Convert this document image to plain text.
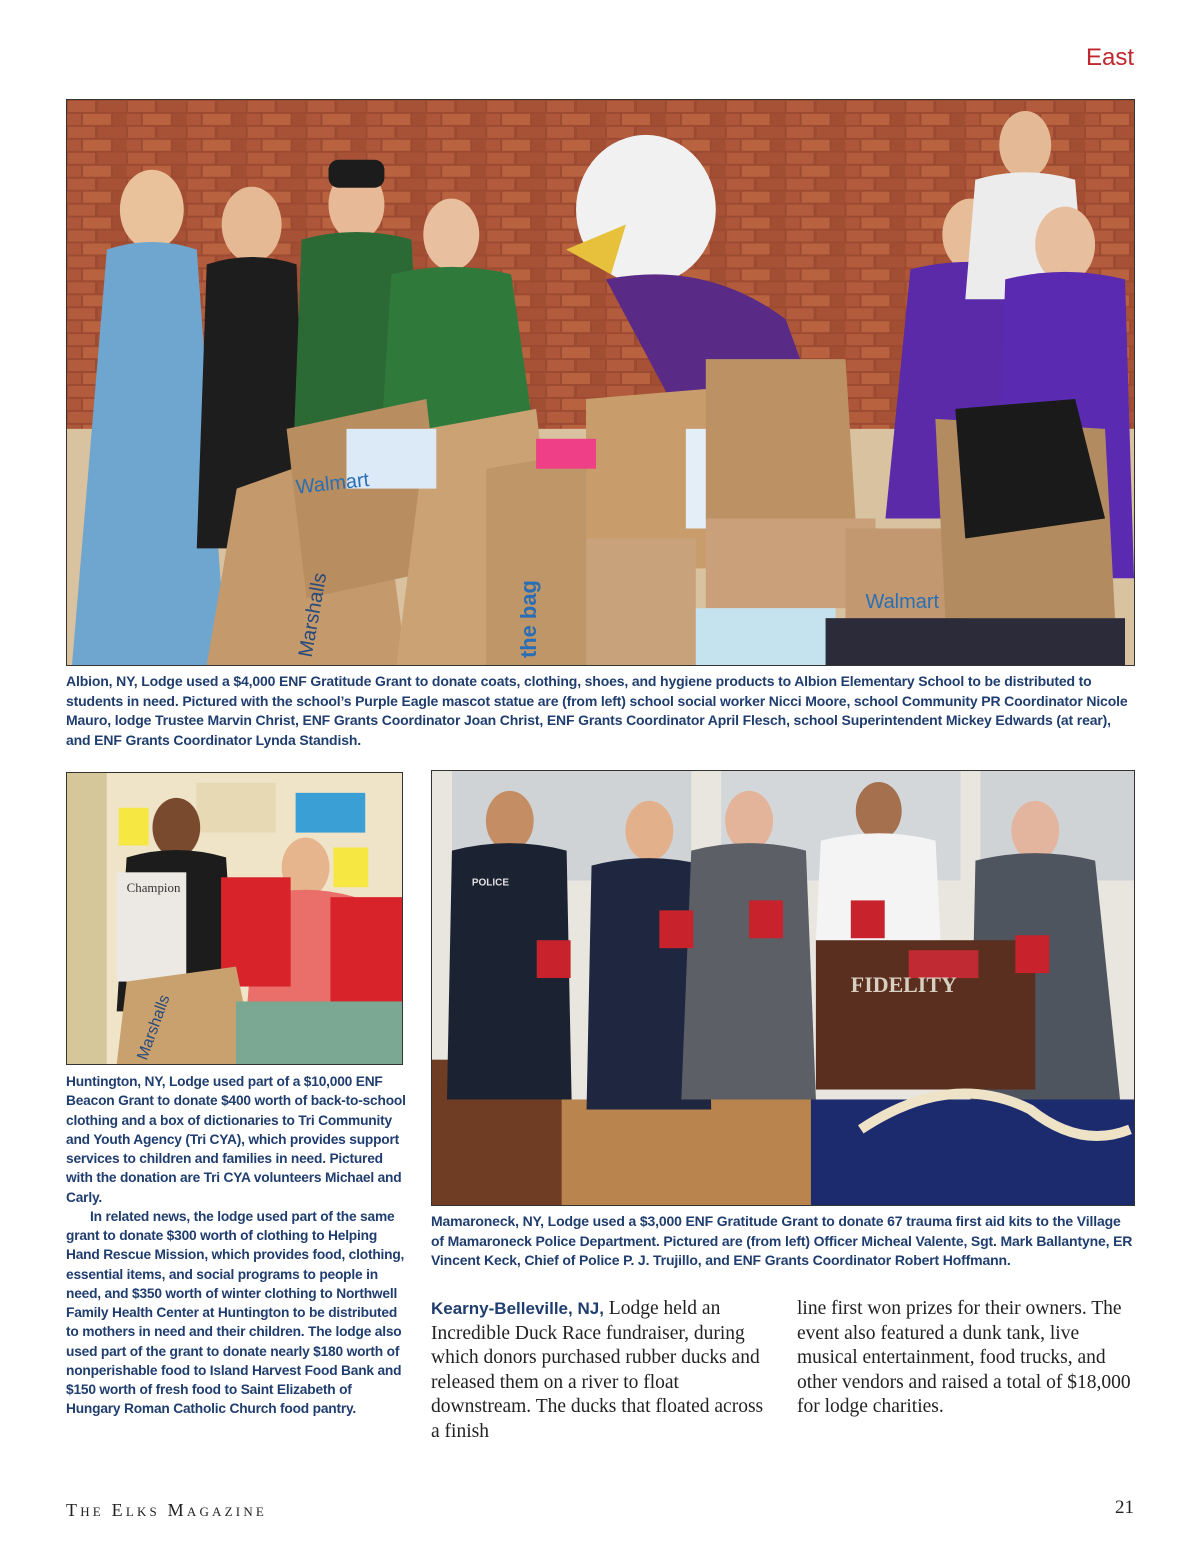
East
Walmart
Walmart
Marshalls	the bag
Albion, NY, Lodge used a $4,000 ENF Gratitude Grant to donate coats, clothing, shoes, and hygiene products to Albion Elementary School to be distributed to students in need. Pictured with the school’s Purple Eagle mascot statue are (from left) school social worker Nicci Moore, school Community PR Coordinator Nicole Mauro, lodge Trustee Marvin Christ, ENF Grants Coordinator Joan Christ, ENF Grants Coordinator April Flesch, school Superintendent Mickey Edwards (at rear), and ENF Grants Coordinator Lynda Standish.
Champion
Marshalls

Huntington, NY, Lodge used part of a $10,000 ENF Beacon Grant to donate $400 worth of back-to-school clothing and a box of dictionaries to Tri Community and Youth Agency (Tri CYA), which provides support services to children and families in need. Pictured with the donation are Tri CYA volunteers Michael and Carly.

In related news, the lodge used part of the same grant to donate $300 worth of clothing to Helping Hand Rescue Mission, which provides food, clothing, essential items, and social programs to people in need, and $350 worth of winter clothing to Northwell Family Health Center at Huntington to be distributed to mothers in need and their children. The lodge also used part of the grant to donate nearly $180 worth of nonperishable food to Island Harvest Food Bank and $150 worth of fresh food to Saint Elizabeth of Hungary Roman Catholic Church food pantry.

FIDELITY
POLICE
Mamaroneck, NY, Lodge used a $3,000 ENF Gratitude Grant to donate 67 trauma first aid kits to the Village of Mamaroneck Police Department. Pictured are (from left) Officer Micheal Valente, Sgt. Mark Ballantyne, ER Vincent Keck, Chief of Police P. J. Trujillo, and ENF Grants Coordinator Robert Hoffmann.
Kearny-Belleville, NJ, Lodge held an Incredible Duck Race fundraiser, during which donors purchased rubber ducks and released them on a river to float downstream. The ducks that floated across a finish
line first won prizes for their owners. The event also featured a dunk tank, live musical entertainment, food trucks, and other vendors and raised a total of $18,000 for lodge charities.
The Elks Magazine	21
